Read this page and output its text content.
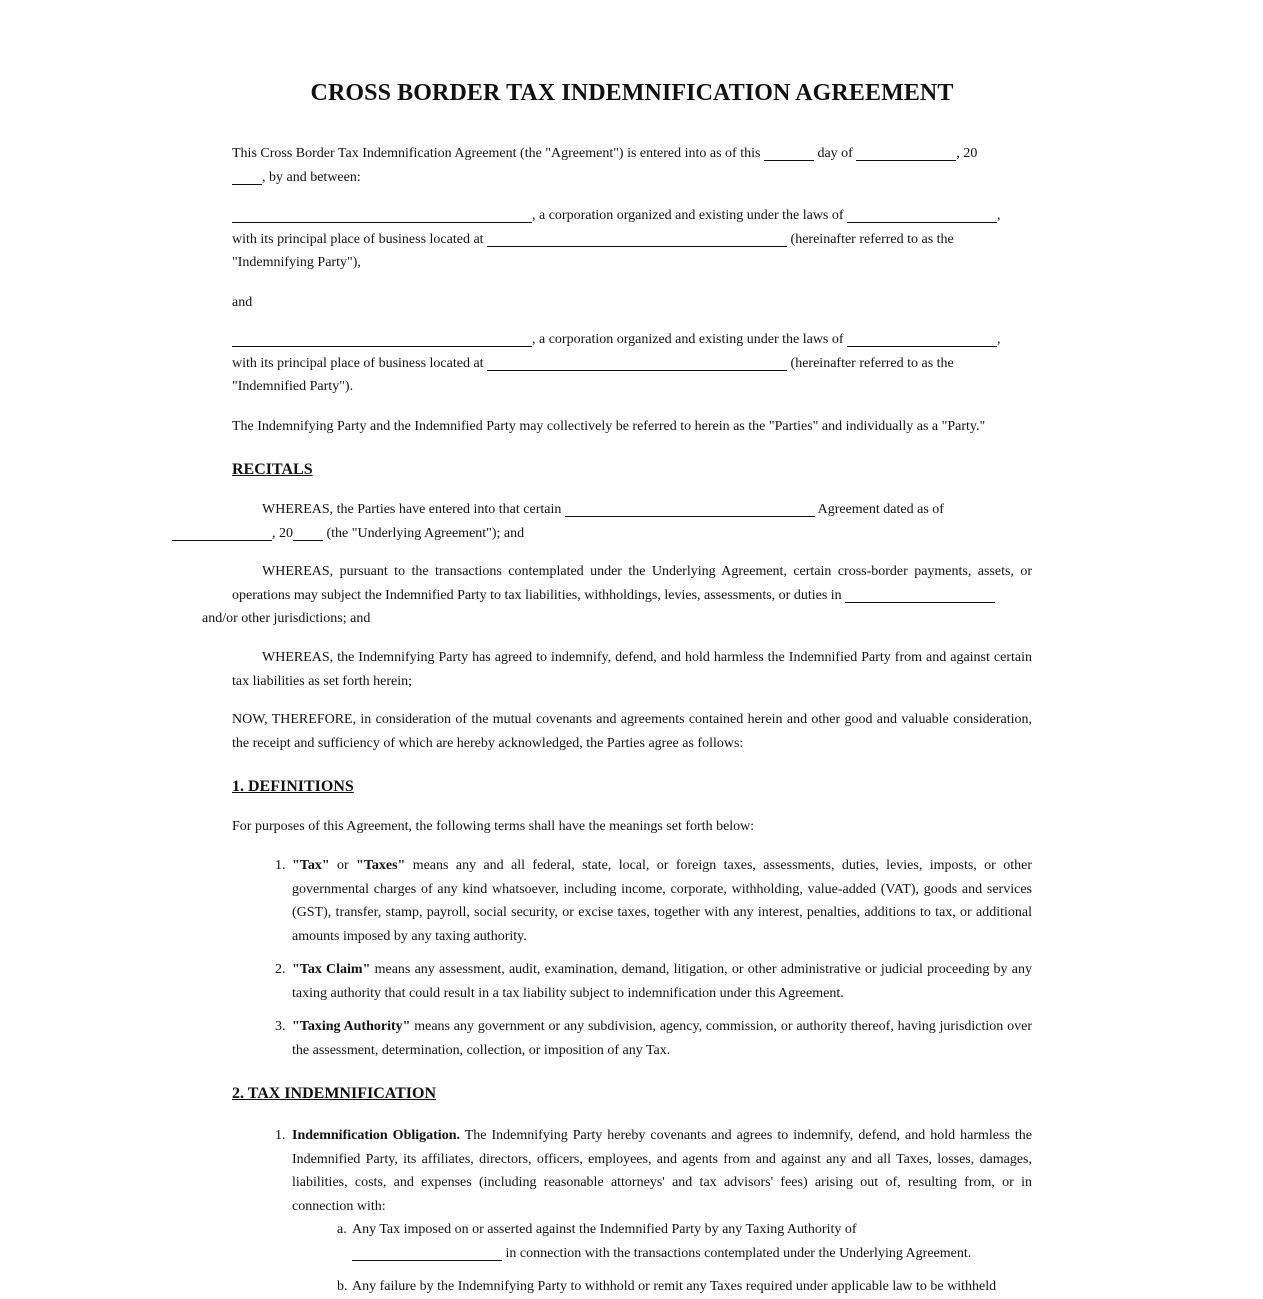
CROSS BORDER TAX INDEMNIFICATION AGREEMENT

This Cross Border Tax Indemnification Agreement (the "Agreement") is entered into as of this	day of	, 20
, by and between:

, a corporation organized and existing under the laws of	,
with its principal place of business located at	(hereinafter referred to as the
"Indemnifying Party"),

and

, a corporation organized and existing under the laws of	,
with its principal place of business located at	(hereinafter referred to as the
"Indemnified Party").

The Indemnifying Party and the Indemnified Party may collectively be referred to herein as the "Parties" and individually as a "Party."

RECITALS

WHEREAS, the Parties have entered into that certain	Agreement dated as of
, 20 (the "Underlying Agreement"); and

WHEREAS, pursuant to the transactions contemplated under the Underlying Agreement, certain cross-border payments, assets, or operations may subject the Indemnified Party to tax liabilities, withholdings, levies, assessments, or duties in
and/or other jurisdictions; and

WHEREAS, the Indemnifying Party has agreed to indemnify, defend, and hold harmless the Indemnified Party from and against certain tax liabilities as set forth herein;

NOW, THEREFORE, in consideration of the mutual covenants and agreements contained herein and other good and valuable consideration, the receipt and sufficiency of which are hereby acknowledged, the Parties agree as follows:

1. DEFINITIONS

For purposes of this Agreement, the following terms shall have the meanings set forth below:

1. "Tax" or "Taxes" means any and all federal, state, local, or foreign taxes, assessments, duties, levies, imposts, or other governmental charges of any kind whatsoever, including income, corporate, withholding, value-added (VAT), goods and services (GST), transfer, stamp, payroll, social security, or excise taxes, together with any interest, penalties, additions to tax, or additional amounts imposed by any taxing authority.

2. "Tax Claim" means any assessment, audit, examination, demand, litigation, or other administrative or judicial proceeding by any taxing authority that could result in a tax liability subject to indemnification under this Agreement.

3. "Taxing Authority" means any government or any subdivision, agency, commission, or authority thereof, having jurisdiction over the assessment, determination, collection, or imposition of any Tax.

2. TAX INDEMNIFICATION

1. Indemnification Obligation. The Indemnifying Party hereby covenants and agrees to indemnify, defend, and hold harmless the Indemnified Party, its affiliates, directors, officers, employees, and agents from and against any and all Taxes, losses, damages, liabilities, costs, and expenses (including reasonable attorneys' and tax advisors' fees) arising out of, resulting from, or in connection with:

a. Any Tax imposed on or asserted against the Indemnified Party by any Taxing Authority of
in connection with the transactions contemplated under the Underlying Agreement.

b. Any failure by the Indemnifying Party to withhold or remit any Taxes required under applicable law to be withheld
